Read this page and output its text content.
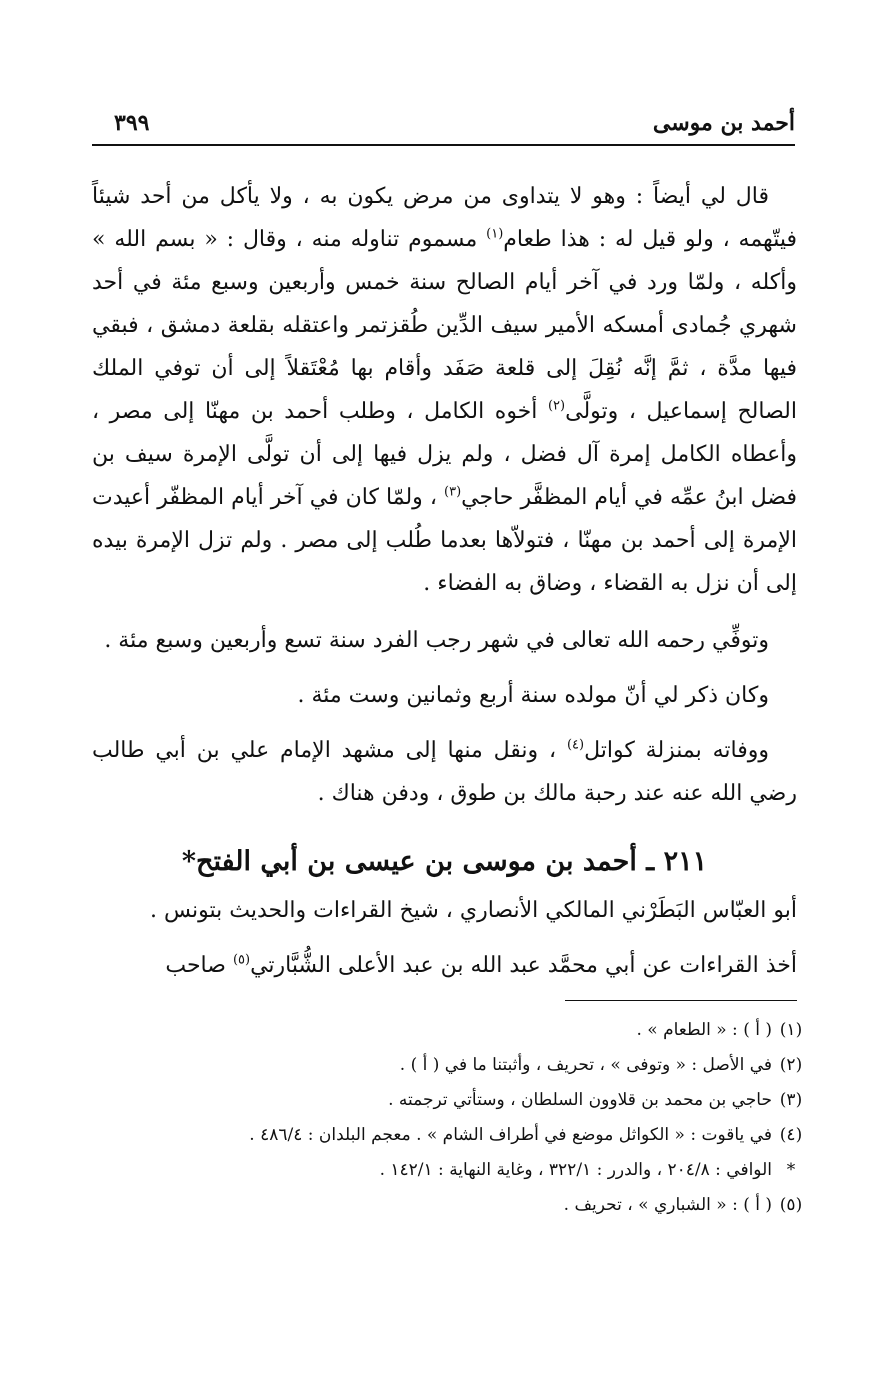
أحمد بن موسى
٣٩٩

قال لي أيضاً : وهو لا يتداوى من مرض يكون به ، ولا يأكل من أحد شيئاً فيتّهمه ، ولو قيل له : هذا طعام$^{(١)}$ مسموم تناوله منه ، وقال : « بسم الله » وأكله ، ولمّا ورد في آخر أيام الصالح سنة خمس وأربعين وسبع مئة في أحد شهري جُمادى أمسكه الأمير سيف الدِّين طُقزتمر واعتقله بقلعة دمشق ، فبقي فيها مدَّة ، ثمَّ إنَّه نُقِلَ إلى قلعة صَفَد وأقام بها مُعْتَقلاً إلى أن توفي الملك الصالح إسماعيل ، وتولَّى$^{(٢)}$ أخوه الكامل ، وطلب أحمد بن مهنّا إلى مصر ، وأعطاه الكامل إمرة آل فضل ، ولم يزل فيها إلى أن تولَّى الإمرة سيف بن فضل ابنُ عمِّه في أيام المظفَّر حاجي$^{(٣)}$ ، ولمّا كان في آخر أيام المظفّر أعيدت الإمرة إلى أحمد بن مهنّا ، فتولاّها بعدما طُلب إلى مصر . ولم تزل الإمرة بيده إلى أن نزل به القضاء ، وضاق به الفضاء .

وتوفِّي رحمه الله تعالى في شهر رجب الفرد سنة تسع وأربعين وسبع مئة .

وكان ذكر لي أنّ مولده سنة أربع وثمانين وست مئة .

ووفاته بمنزلة كواتل$^{(٤)}$ ، ونقل منها إلى مشهد الإمام علي بن أبي طالب رضي الله عنه عند رحبة مالك بن طوق ، ودفن هناك .

٢١١ ـ أحمد بن موسى بن عيسى بن أبي الفتح*

أبو العبّاس البَطَرْني المالكي الأنصاري ، شيخ القراءات والحديث بتونس .

أخذ القراءات عن أبي محمَّد عبد الله بن عبد الأعلى الشُّبَّارتي$^{(٥)}$ صاحب

(١)
( أ ) : « الطعام » .
(٢)
في الأصل : « وتوفى » ، تحريف ، وأثبتنا ما في ( أ ) .
(٣)
حاجي بن محمد بن قلاوون السلطان ، وستأتي ترجمته .
(٤)
في ياقوت : « الكواثل موضع في أطراف الشام » . معجم البلدان : ٤٨٦/٤ .
*
الوافي : ٢٠٤/٨ ، والدرر : ٣٢٢/١ ، وغاية النهاية : ١٤٢/١ .
(٥)
( أ ) : « الشباري » ، تحريف .
